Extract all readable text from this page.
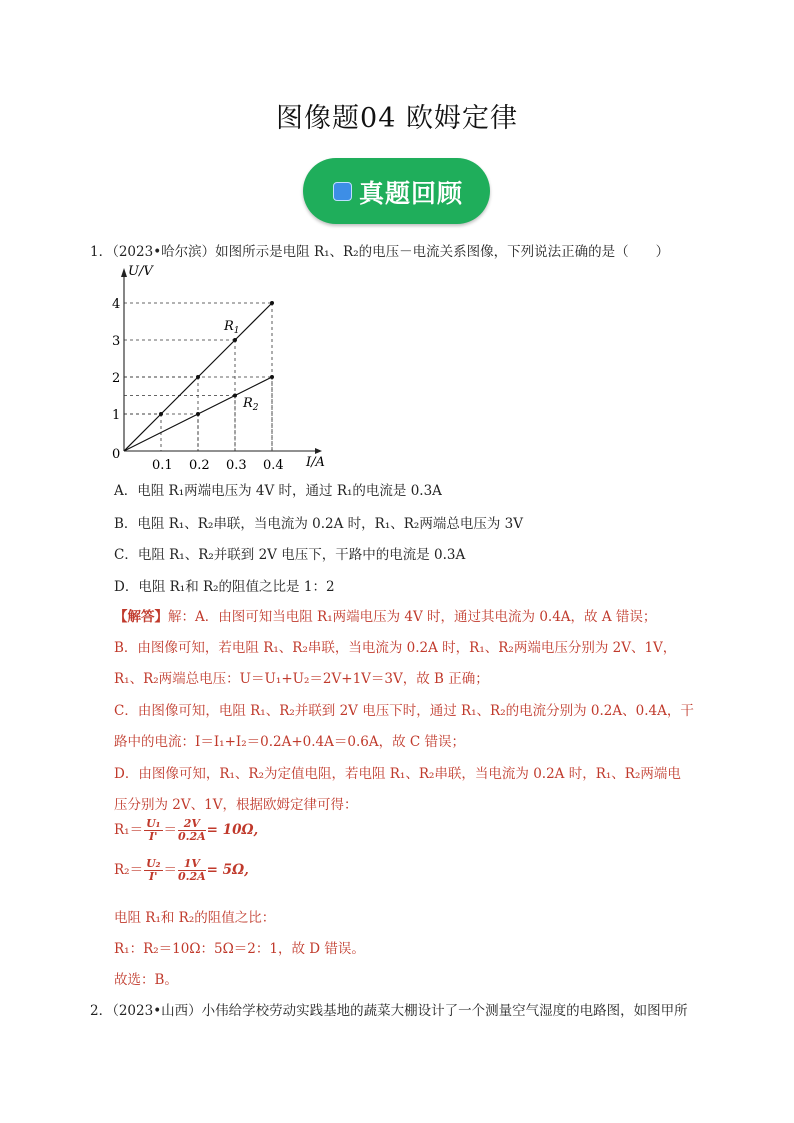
图像题04 欧姆定律
真题回顾
1．（2023•哈尔滨）如图所示是电阻 R₁、R₂的电压－电流关系图像，下列说法正确的是（　　）
U/V
I/A
0
0.1 0.2 0.3 0.4
1
2
3
4
$R_1$
$R_2$
A．电阻 R₁两端电压为 4V 时，通过 R₁的电流是 0.3A
B．电阻 R₁、R₂串联，当电流为 0.2A 时，R₁、R₂两端总电压为 3V
C．电阻 R₁、R₂并联到 2V 电压下，干路中的电流是 0.3A
D．电阻 R₁和 R₂的阻值之比是 1：2
【解答】解：A．由图可知当电阻 R₁两端电压为 4V 时，通过其电流为 0.4A，故 A 错误；
B．由图像可知，若电阻 R₁、R₂串联，当电流为 0.2A 时，R₁、R₂两端电压分别为 2V、1V，
R₁、R₂两端总电压：U＝U₁+U₂＝2V+1V＝3V，故 B 正确；
C．由图像可知，电阻 R₁、R₂并联到 2V 电压下时，通过 R₁、R₂的电流分别为 0.2A、0.4A，干
路中的电流：I＝I₁+I₂＝0.2A+0.4A＝0.6A，故 C 错误；
D．由图像可知，R₁、R₂为定值电阻，若电阻 R₁、R₂串联，当电流为 0.2A 时，R₁、R₂两端电
压分别为 2V、1V，根据欧姆定律可得：
$R_1= \frac{\text{U₁}}{I'} = \frac{2V}{0.2A} = 10\Omega$,
$R_2= \frac{\text{U₂}}{I'} = \frac{1V}{0.2A} = 5\Omega$,
电阻 R₁和 R₂的阻值之比：
R₁：R₂＝10Ω：5Ω＝2：1，故 D 错误。
故选：B。
2．（2023•山西）小伟给学校劳动实践基地的蔬菜大棚设计了一个测量空气湿度的电路图，如图甲所
